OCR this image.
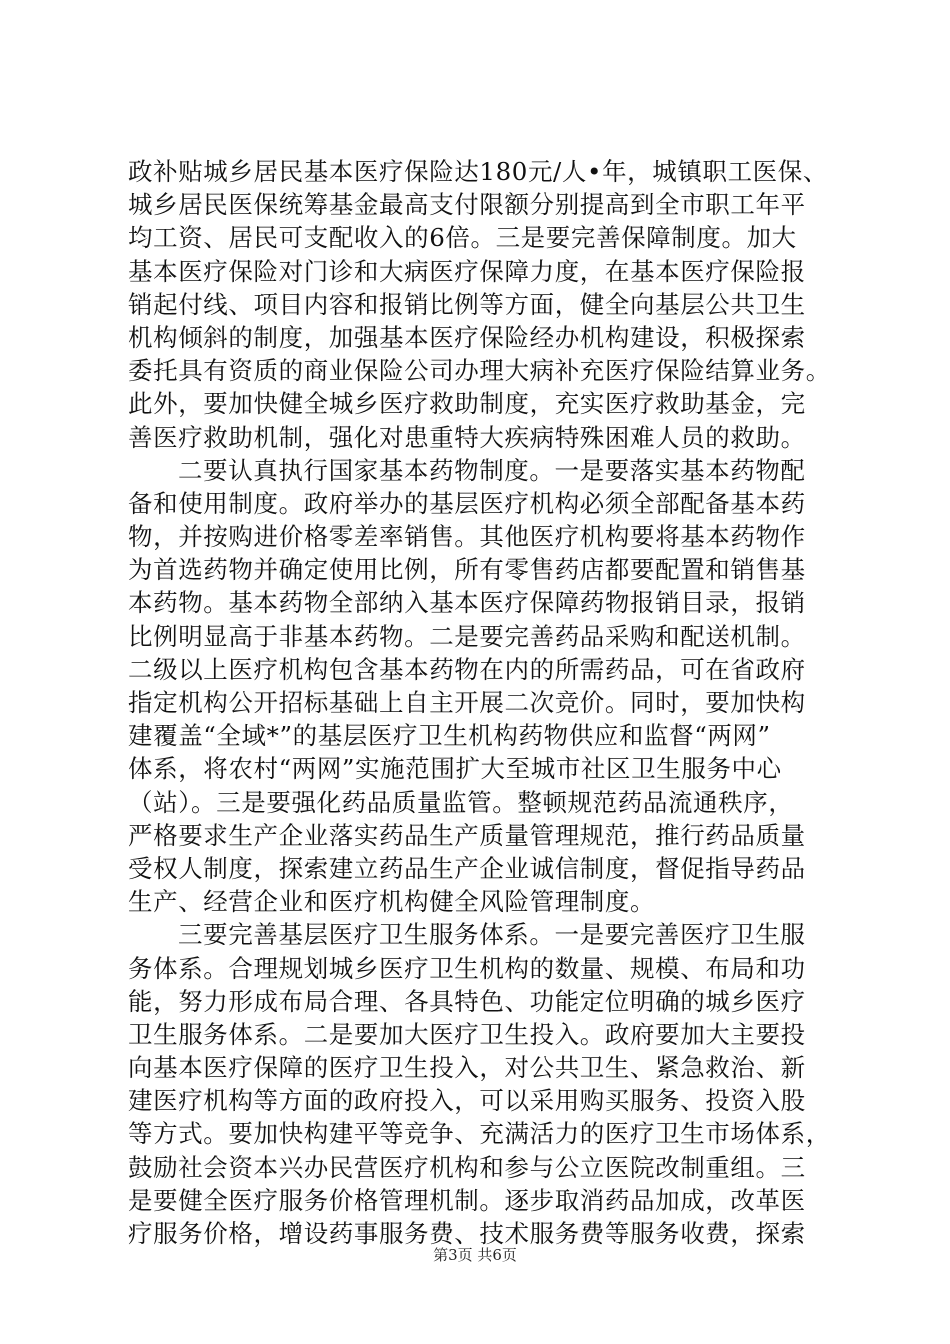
政补贴城乡居民基本医疗保险达180元/人•年，城镇职工医保、
城乡居民医保统筹基金最高支付限额分别提高到全市职工年平
均工资、居民可支配收入的6倍。三是要完善保障制度。加大
基本医疗保险对门诊和大病医疗保障力度，在基本医疗保险报
销起付线、项目内容和报销比例等方面，健全向基层公共卫生
机构倾斜的制度，加强基本医疗保险经办机构建设，积极探索
委托具有资质的商业保险公司办理大病补充医疗保险结算业务。
此外，要加快健全城乡医疗救助制度，充实医疗救助基金，完
善医疗救助机制，强化对患重特大疾病特殊困难人员的救助。
二要认真执行国家基本药物制度。一是要落实基本药物配
备和使用制度。政府举办的基层医疗机构必须全部配备基本药
物，并按购进价格零差率销售。其他医疗机构要将基本药物作
为首选药物并确定使用比例，所有零售药店都要配置和销售基
本药物。基本药物全部纳入基本医疗保障药物报销目录，报销
比例明显高于非基本药物。二是要完善药品采购和配送机制。
二级以上医疗机构包含基本药物在内的所需药品，可在省政府
指定机构公开招标基础上自主开展二次竞价。同时，要加快构
建覆盖“全域*”的基层医疗卫生机构药物供应和监督“两网”
体系，将农村“两网”实施范围扩大至城市社区卫生服务中心
（站）。三是要强化药品质量监管。整顿规范药品流通秩序，
严格要求生产企业落实药品生产质量管理规范，推行药品质量
受权人制度，探索建立药品生产企业诚信制度，督促指导药品
生产、经营企业和医疗机构健全风险管理制度。
三要完善基层医疗卫生服务体系。一是要完善医疗卫生服
务体系。合理规划城乡医疗卫生机构的数量、规模、布局和功
能，努力形成布局合理、各具特色、功能定位明确的城乡医疗
卫生服务体系。二是要加大医疗卫生投入。政府要加大主要投
向基本医疗保障的医疗卫生投入，对公共卫生、紧急救治、新
建医疗机构等方面的政府投入，可以采用购买服务、投资入股
等方式。要加快构建平等竞争、充满活力的医疗卫生市场体系，
鼓励社会资本兴办民营医疗机构和参与公立医院改制重组。三
是要健全医疗服务价格管理机制。逐步取消药品加成，改革医
疗服务价格，增设药事服务费、技术服务费等服务收费，探索
第3页 共6页
